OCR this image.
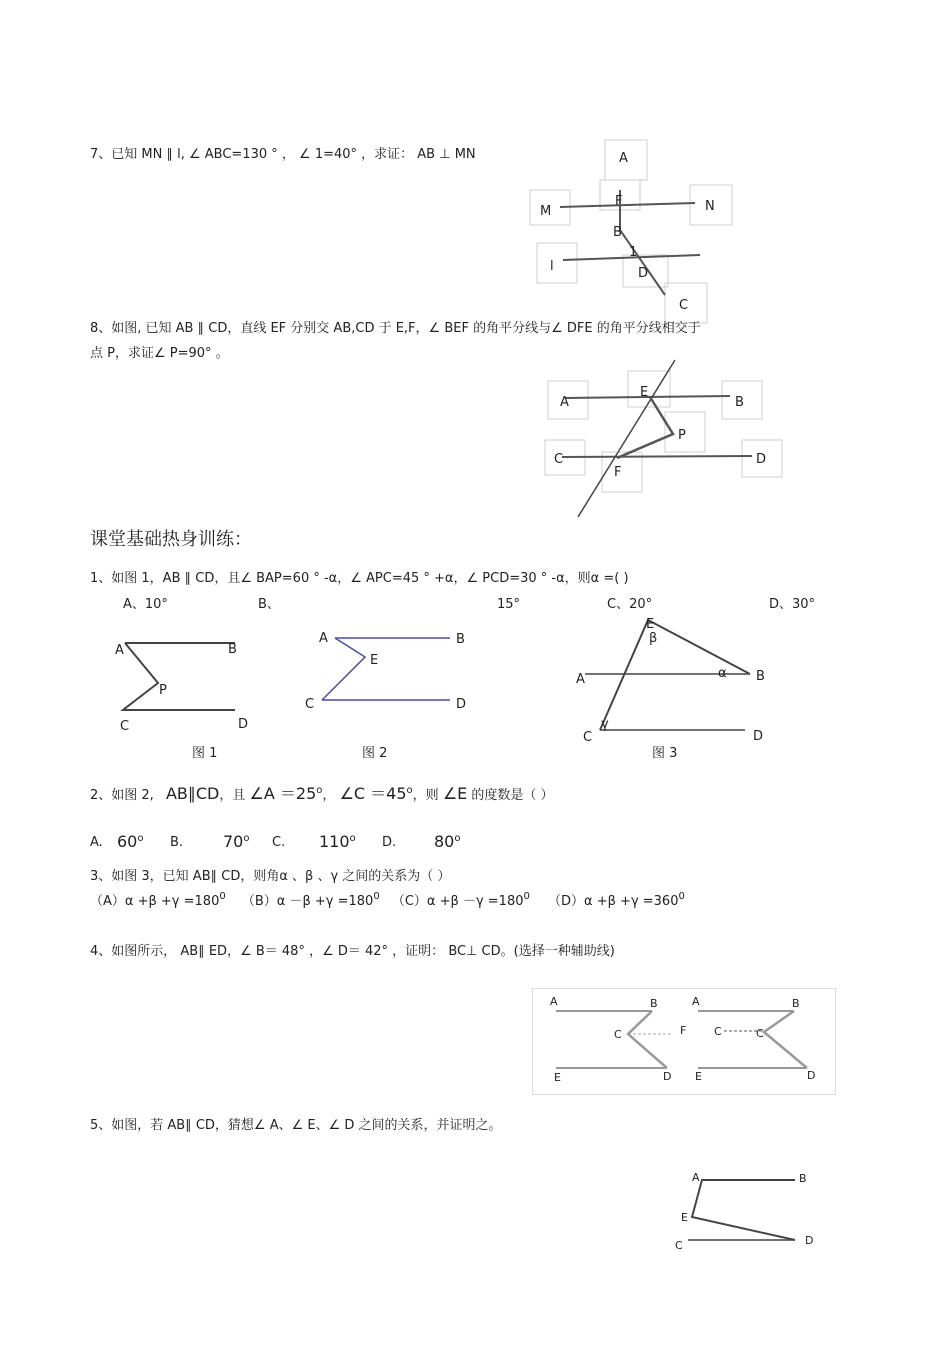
7、已知 MN ∥ l, ∠ ABC=130 ° ， ∠ 1=40° ，求证： AB ⊥ MN	A
F
M	N
B
1
l	D
C
8、如图, 已知 AB ∥ CD，直线 EF 分别交 AB,CD 于 E,F，∠ BEF 的角平分线与∠ DFE 的角平分线相交于
点 P，求证∠ P=90° 。
A
E
B
P
C
F
D
课堂基础热身训练：
1、如图 1，AB ∥ CD，且∠ BAP=60 ° -α，∠ APC=45 ° +α，∠ PCD=30 ° -α，则α =( )
A、10°	B、	15°	C、20°	D、30°
A	B
P
C	D
图 1
A	B
E
C	D
图 2
E
β
A	α B
γ
C	D
图 3
2、如图 2, AB∥CD，且 ∠A $=25^o$， ∠C $=45^o$，则 ∠E 的度数是（ ）
A. 60$^o$ B. 70$^o$ C. 110$^o$ D. 80$^o$
3、如图 3，已知 AB∥ CD，则角α 、β 、γ 之间的关系为（ ）
$(A)\alpha +\beta +\gamma =180^0$ $(B)\alpha -\beta +\gamma =180^0$ $(C)\alpha +\beta -\gamma =180^0$ $(D)\alpha +\beta +\gamma =360^0$
4、如图所示， AB∥ ED，∠ B＝ 48° ，∠ D＝ 42° ，证明： BC⊥ CD。(选择一种辅助线)
A	B
C	F
E	D
A	B
C	C
E	D
5、如图，若 AB∥ CD，猜想∠ A、∠ E、∠ D 之间的关系，并证明之。
A	B
E
C	D
